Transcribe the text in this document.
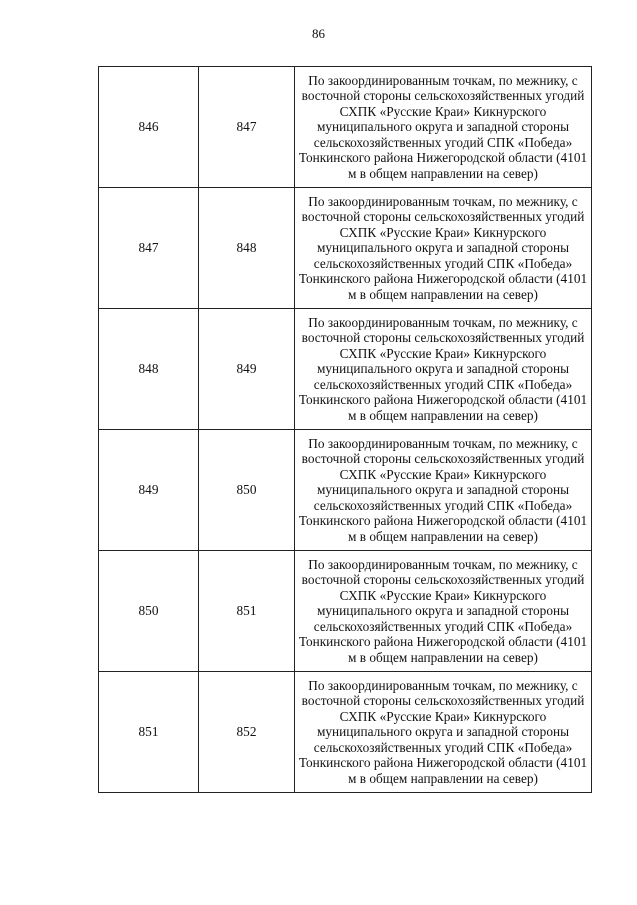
86
846	847	По закоординированным точкам, по межнику, с восточной стороны сельскохозяйственных угодий СХПК «Русские Краи» Кикнурского муниципального округа и западной стороны сельскохозяйственных угодий СПК «Победа» Тонкинского района Нижегородской области (4101 м в общем направлении на север)
847	848	По закоординированным точкам, по межнику, с восточной стороны сельскохозяйственных угодий СХПК «Русские Краи» Кикнурского муниципального округа и западной стороны сельскохозяйственных угодий СПК «Победа» Тонкинского района Нижегородской области (4101 м в общем направлении на север)
848	849	По закоординированным точкам, по межнику, с восточной стороны сельскохозяйственных угодий СХПК «Русские Краи» Кикнурского муниципального округа и западной стороны сельскохозяйственных угодий СПК «Победа» Тонкинского района Нижегородской области (4101 м в общем направлении на север)
849	850	По закоординированным точкам, по межнику, с восточной стороны сельскохозяйственных угодий СХПК «Русские Краи» Кикнурского муниципального округа и западной стороны сельскохозяйственных угодий СПК «Победа» Тонкинского района Нижегородской области (4101 м в общем направлении на север)
850	851	По закоординированным точкам, по межнику, с восточной стороны сельскохозяйственных угодий СХПК «Русские Краи» Кикнурского муниципального округа и западной стороны сельскохозяйственных угодий СПК «Победа» Тонкинского района Нижегородской области (4101 м в общем направлении на север)
851	852	По закоординированным точкам, по межнику, с восточной стороны сельскохозяйственных угодий СХПК «Русские Краи» Кикнурского муниципального округа и западной стороны сельскохозяйственных угодий СПК «Победа» Тонкинского района Нижегородской области (4101 м в общем направлении на север)
